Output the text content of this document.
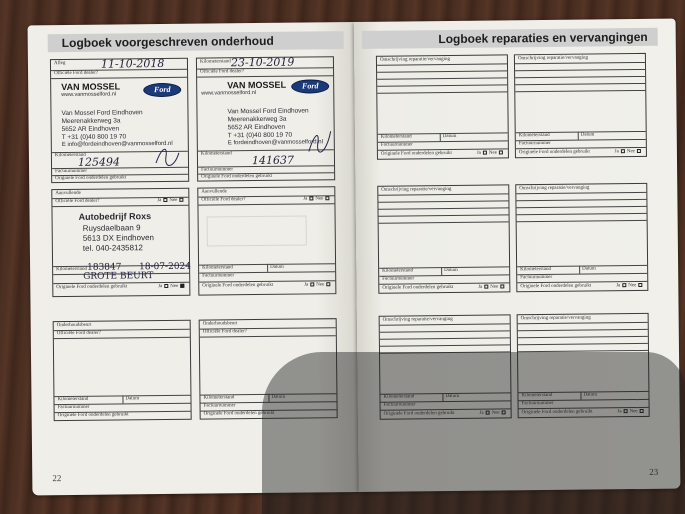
Logboek voorgeschreven onderhoud
Afleg	11-10-2018
Officiële Ford dealer?
VAN MOSSEL
www.vanmosselford.nl
Ford
Van Mossel Ford Eindhoven
Meerenakkerweg 3a
5652 AR Eindhoven
T +31 (0)40 800 19 70
E info@fordeindhoven@vanmosselford.nl
Kilometerstand
125494
Factuurnummer
Originele Ford onderdelen gebruikt
Kilometerstand 23-10-2019
Officiële Ford dealer?
VAN MOSSEL
www.vanmosselford.nl
Ford
Van Mossel Ford Eindhoven
Meerenakkerweg 3a
5652 AR Eindhoven
T +31 (0)40 800 19 70
E fordeindhoven@vanmosselford.nl
Kilometerstand 141637
Factuurnummer
Originele Ford onderdelen gebruikt
Aanvullende
Officiële Ford dealer?	Ja Nee
Autobedrijf Roxs
Ruysdaelbaan 9
5613 DX Eindhoven
tel. 040-2435812
Kilometerstand 183847 18-07-2024
GROTE BEURT
Originele Ford onderdelen gebruikt	Ja Nee
Aanvullende
Officiële Ford dealer?	Ja Nee
Kilometerstand	Datum
Factuurnummer
Originele Ford onderdelen gebruikt	Ja Nee
Onderhoudsbeurt
Officiële Ford dealer?
Kilometerstand	Datum
Factuurnummer
Originele Ford onderdelen gebruikt
Onderhoudsbeurt
Officiële Ford dealer?
Kilometerstand	Datum
Factuurnummer
Originele Ford onderdelen gebruikt
22
Logboek reparaties en vervangingen
Omschrijving reparatie/vervanging
Kilometerstand	Datum
Factuurnummer
Originele Ford onderdelen gebruikt	Ja Nee
Omschrijving reparatie/vervanging
Kilometerstand	Datum
Factuurnummer
Originele Ford onderdelen gebruikt	Ja Nee
Omschrijving reparatie/vervanging
Kilometerstand	Datum
Factuurnummer
Originele Ford onderdelen gebruikt	Ja Nee
Omschrijving reparatie/vervanging
Kilometerstand	Datum
Factuurnummer
Originele Ford onderdelen gebruikt	Ja Nee
Omschrijving reparatie/vervanging
Kilometerstand	Datum
Factuurnummer
Originele Ford onderdelen gebruikt	Ja Nee
Omschrijving reparatie/vervanging
Kilometerstand	Datum
Factuurnummer
Originele Ford onderdelen gebruikt	Ja Nee
23
